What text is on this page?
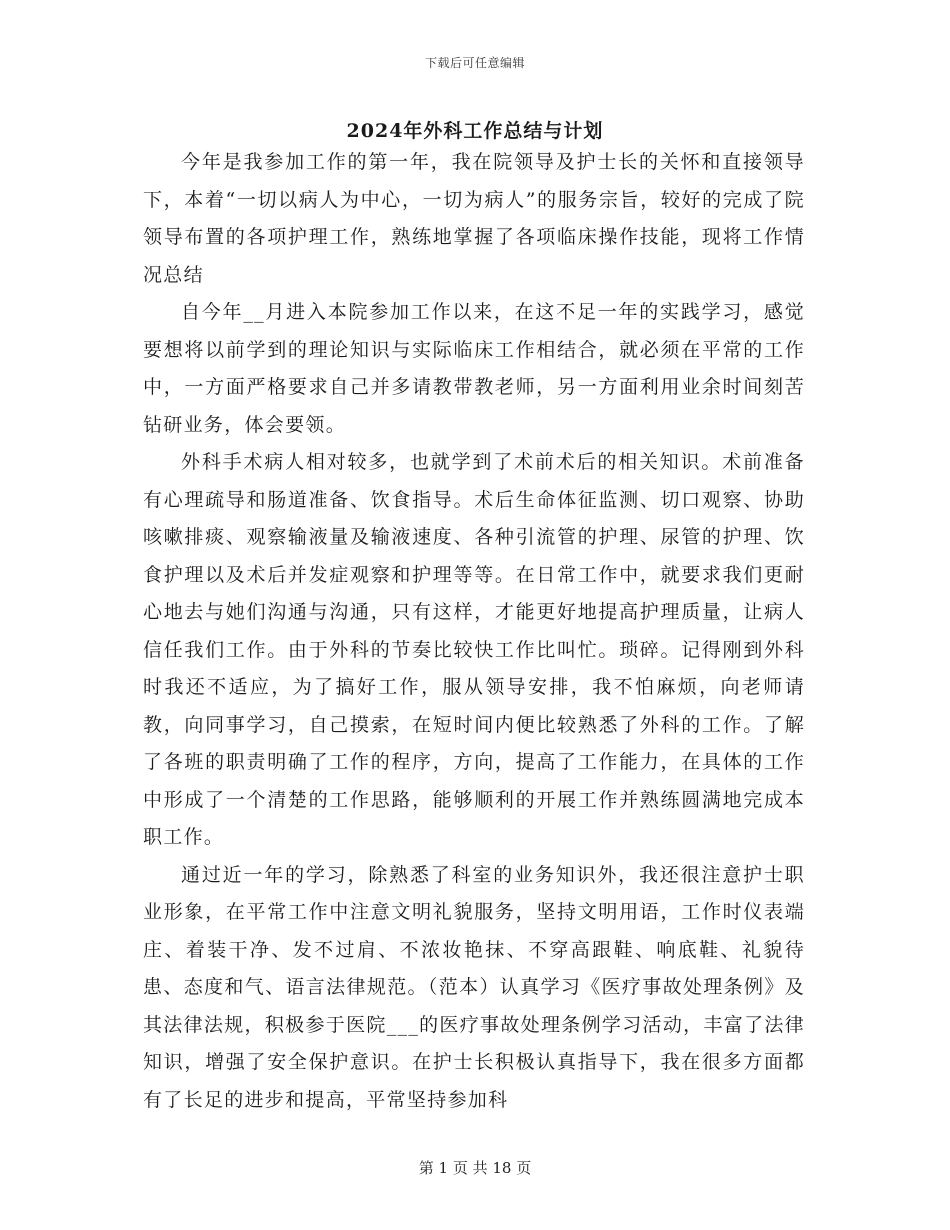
下载后可任意编辑
2024年外科工作总结与计划

今年是我参加工作的第一年，我在院领导及护士长的关怀和直接领导下，本着“一切以病人为中心，一切为病人”的服务宗旨，较好的完成了院领导布置的各项护理工作，熟练地掌握了各项临床操作技能，现将工作情况总结

自今年__月进入本院参加工作以来，在这不足一年的实践学习，感觉要想将以前学到的理论知识与实际临床工作相结合，就必须在平常的工作中，一方面严格要求自己并多请教带教老师，另一方面利用业余时间刻苦钻研业务，体会要领。

外科手术病人相对较多，也就学到了术前术后的相关知识。术前准备有心理疏导和肠道准备、饮食指导。术后生命体征监测、切口观察、协助咳嗽排痰、观察输液量及输液速度、各种引流管的护理、尿管的护理、饮食护理以及术后并发症观察和护理等等。在日常工作中，就要求我们更耐心地去与她们沟通与沟通，只有这样，才能更好地提高护理质量，让病人信任我们工作。由于外科的节奏比较快工作比叫忙。琐碎。记得刚到外科时我还不适应，为了搞好工作，服从领导安排，我不怕麻烦，向老师请教，向同事学习，自己摸索，在短时间内便比较熟悉了外科的工作。了解了各班的职责明确了工作的程序，方向，提高了工作能力，在具体的工作中形成了一个清楚的工作思路，能够顺利的开展工作并熟练圆满地完成本职工作。

通过近一年的学习，除熟悉了科室的业务知识外，我还很注意护士职业形象，在平常工作中注意文明礼貌服务，坚持文明用语，工作时仪表端庄、着装干净、发不过肩、不浓妆艳抹、不穿高跟鞋、响底鞋、礼貌待患、态度和气、语言法律规范。（范本）认真学习《医疗事故处理条例》及其法律法规，积极参于医院___的医疗事故处理条例学习活动，丰富了法律知识，增强了安全保护意识。在护士长积极认真指导下，我在很多方面都有了长足的进步和提高，平常坚持参加科

第 1 页 共 18 页
